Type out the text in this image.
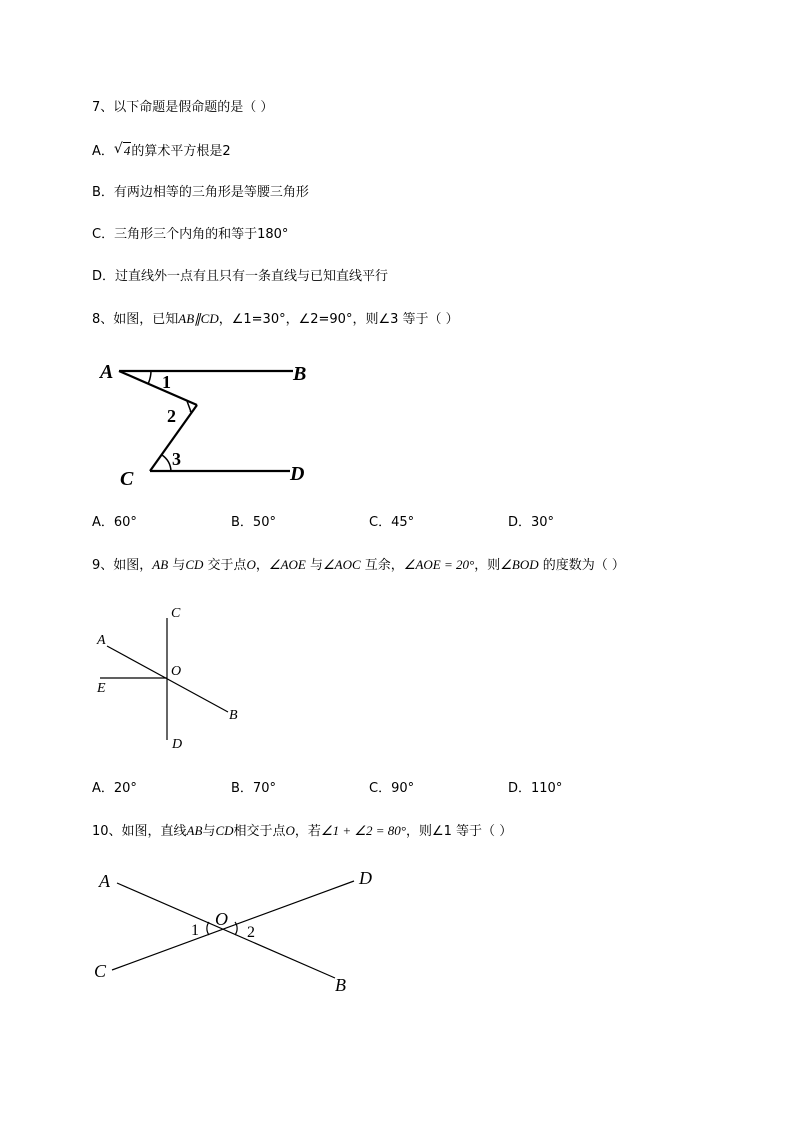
7、以下命题是假命题的是（ ）
A． √ 4的算术平方根是2
B．有两边相等的三角形是等腰三角形
C．三角形三个内角的和等于180°
D．过直线外一点有且只有一条直线与已知直线平行
8、如图，已知AB∥CD，∠1=30°，∠2=90°，则∠3 等于（ ）
A	B
C	D
1
2
3
A．60°	B．50°	C．45°	D．30°
9、如图，AB 与CD 交于点O，∠AOE 与∠AOC 互余，∠AOE = 20°，则∠BOD 的度数为（ ）
C
A
O
E
B
D
A．20°	B．70°	C．90°	D．110°
10、如图，直线AB与CD相交于点O，若∠1 + ∠2 = 80°，则∠1 等于（ ）
A	D
O
C
B
1	2
